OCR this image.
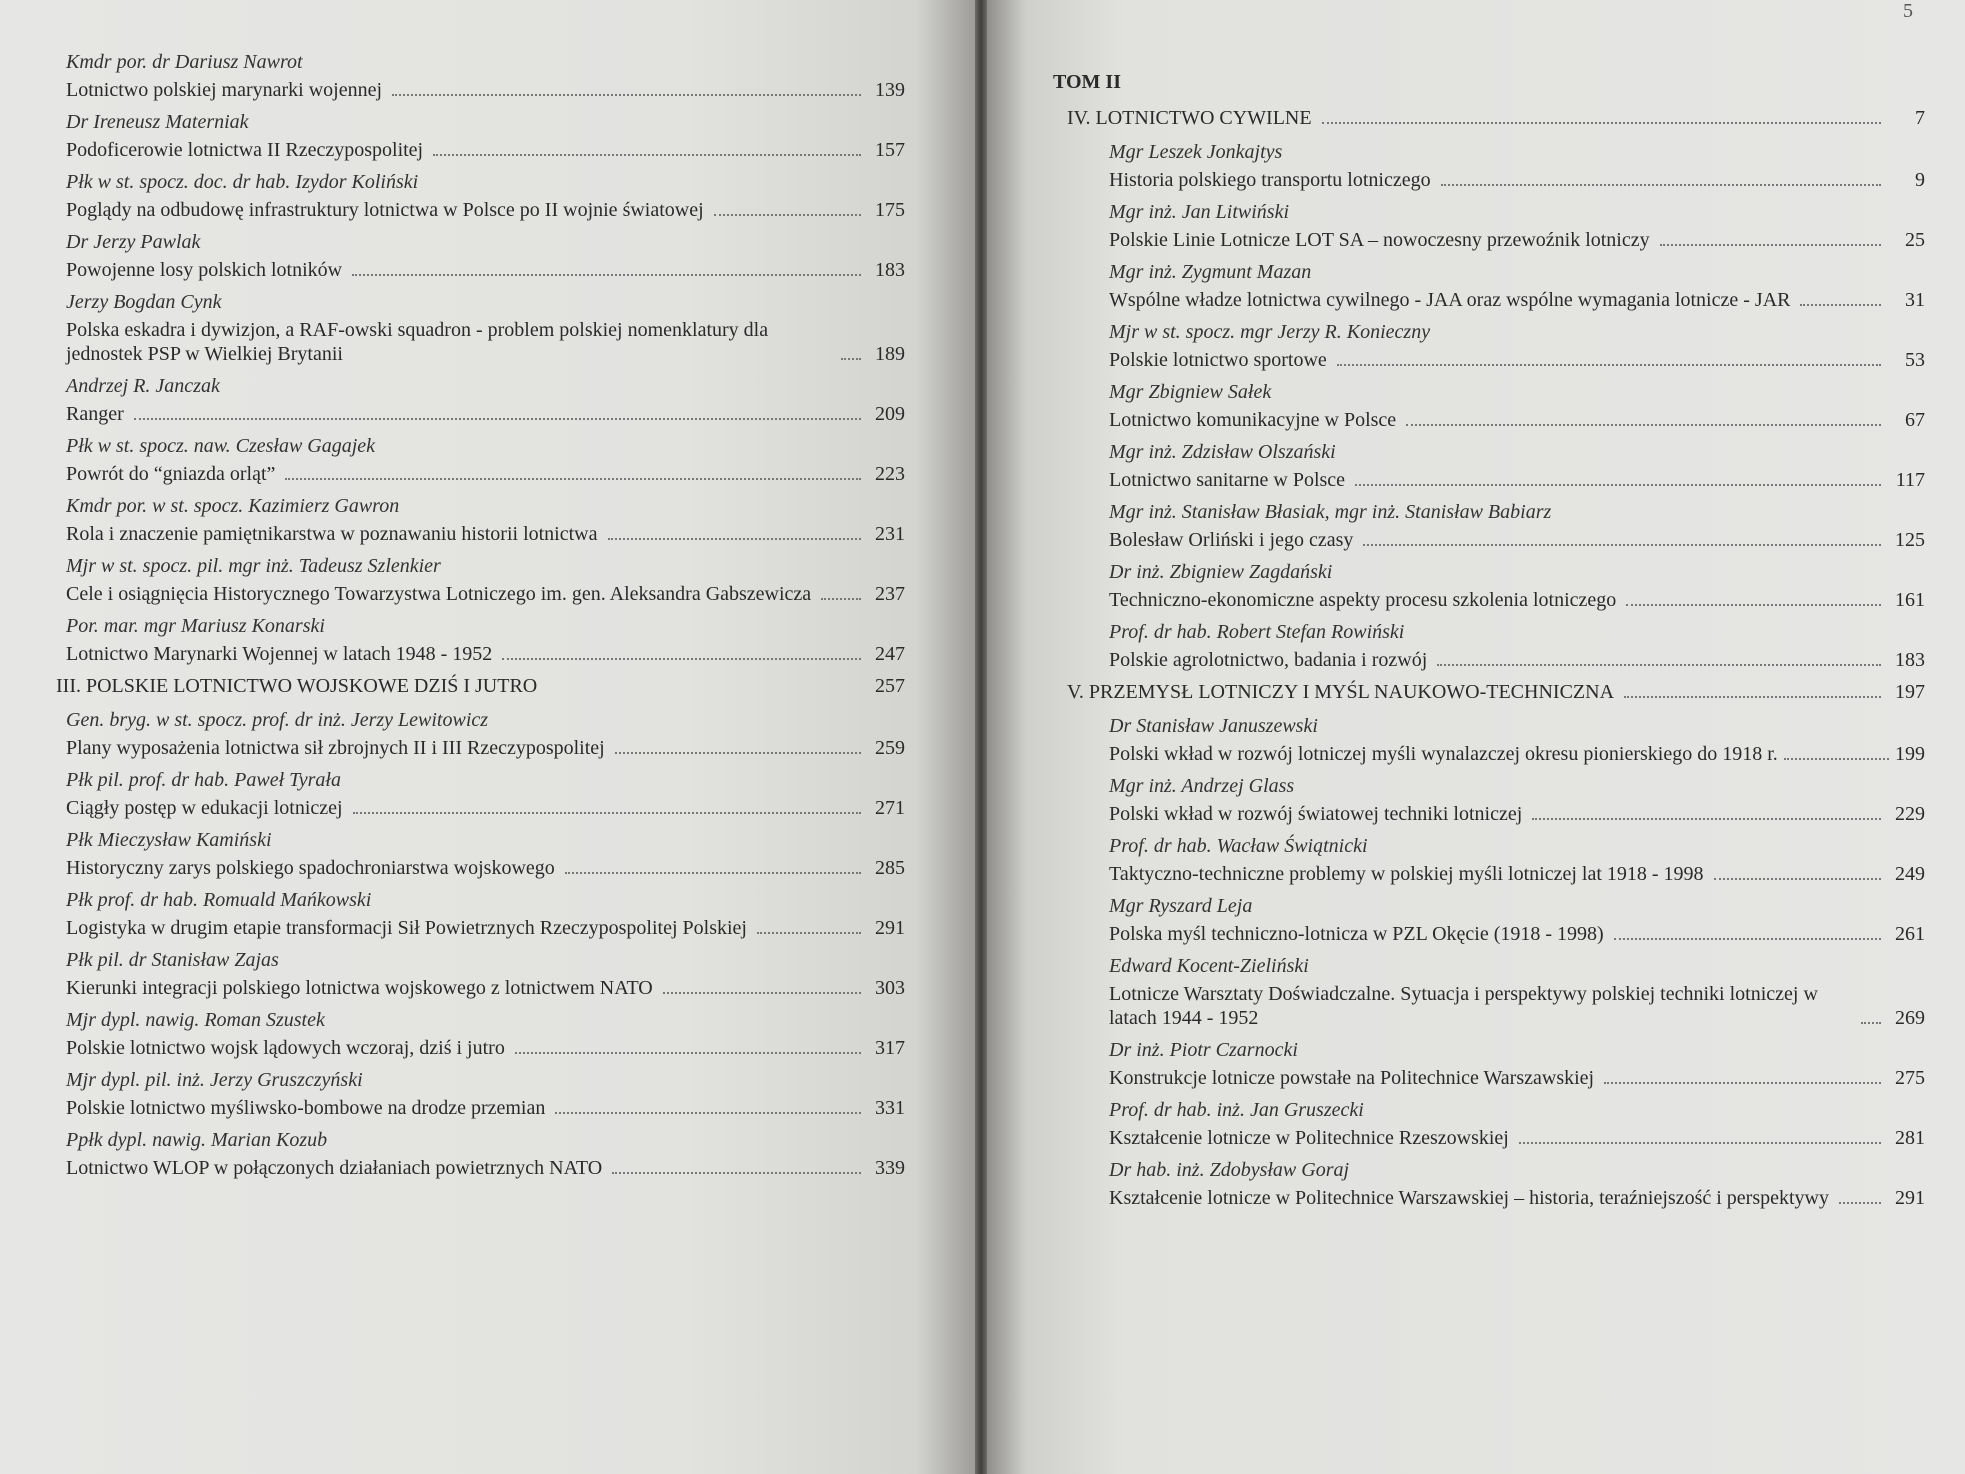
Kmdr por. dr Dariusz Nawrot
Lotnictwo polskiej marynarki wojennej	139
Dr Ireneusz Materniak
Podoficerowie lotnictwa II Rzeczypospolitej	157
Płk w st. spocz. doc. dr hab. Izydor Koliński
Poglądy na odbudowę infrastruktury lotnictwa w Polsce po II wojnie światowej	175
Dr Jerzy Pawlak
Powojenne losy polskich lotników	183
Jerzy Bogdan Cynk
Polska eskadra i dywizjon, a RAF-owski squadron - problem polskiej nomenklatury dla jednostek PSP w Wielkiej Brytanii	189
Andrzej R. Janczak
Ranger	209
Płk w st. spocz. naw. Czesław Gagajek
Powrót do “gniazda orląt”	223
Kmdr por. w st. spocz. Kazimierz Gawron
Rola i znaczenie pamiętnikarstwa w poznawaniu historii lotnictwa	231
Mjr w st. spocz. pil. mgr inż. Tadeusz Szlenkier
Cele i osiągnięcia Historycznego Towarzystwa Lotniczego im. gen. Aleksandra Gabszewicza	237
Por. mar. mgr Mariusz Konarski
Lotnictwo Marynarki Wojennej w latach 1948 - 1952	247
III. POLSKIE LOTNICTWO WOJSKOWE DZIŚ I JUTRO	257
Gen. bryg. w st. spocz. prof. dr inż. Jerzy Lewitowicz
Plany wyposażenia lotnictwa sił zbrojnych II i III Rzeczypospolitej	259
Płk pil. prof. dr hab. Paweł Tyrała
Ciągły postęp w edukacji lotniczej	271
Płk Mieczysław Kamiński
Historyczny zarys polskiego spadochroniarstwa wojskowego	285
Płk prof. dr hab. Romuald Mańkowski
Logistyka w drugim etapie transformacji Sił Powietrznych Rzeczypospolitej Polskiej	291
Płk pil. dr Stanisław Zajas
Kierunki integracji polskiego lotnictwa wojskowego z lotnictwem NATO	303
Mjr dypl. nawig. Roman Szustek
Polskie lotnictwo wojsk lądowych wczoraj, dziś i jutro	317
Mjr dypl. pil. inż. Jerzy Gruszczyński
Polskie lotnictwo myśliwsko-bombowe na drodze przemian	331
Ppłk dypl. nawig. Marian Kozub
Lotnictwo WLOP w połączonych działaniach powietrznych NATO	339
5
TOM II
IV. LOTNICTWO CYWILNE	7
Mgr Leszek Jonkajtys
Historia polskiego transportu lotniczego	9
Mgr inż. Jan Litwiński
Polskie Linie Lotnicze LOT SA – nowoczesny przewoźnik lotniczy	25
Mgr inż. Zygmunt Mazan
Wspólne władze lotnictwa cywilnego - JAA oraz wspólne wymagania lotnicze - JAR	31
Mjr w st. spocz. mgr Jerzy R. Konieczny
Polskie lotnictwo sportowe	53
Mgr Zbigniew Sałek
Lotnictwo komunikacyjne w Polsce	67
Mgr inż. Zdzisław Olszański
Lotnictwo sanitarne w Polsce	117
Mgr inż. Stanisław Błasiak, mgr inż. Stanisław Babiarz
Bolesław Orliński i jego czasy	125
Dr inż. Zbigniew Zagdański
Techniczno-ekonomiczne aspekty procesu szkolenia lotniczego	161
Prof. dr hab. Robert Stefan Rowiński
Polskie agrolotnictwo, badania i rozwój	183
V. PRZEMYSŁ LOTNICZY I MYŚL NAUKOWO-TECHNICZNA	197
Dr Stanisław Januszewski
Polski wkład w rozwój lotniczej myśli wynalazczej okresu pionierskiego do 1918 r.	199
Mgr inż. Andrzej Glass
Polski wkład w rozwój światowej techniki lotniczej	229
Prof. dr hab. Wacław Świątnicki
Taktyczno-techniczne problemy w polskiej myśli lotniczej lat 1918 - 1998	249
Mgr Ryszard Leja
Polska myśl techniczno-lotnicza w PZL Okęcie (1918 - 1998)	261
Edward Kocent-Zieliński
Lotnicze Warsztaty Doświadczalne. Sytuacja i perspektywy polskiej techniki lotniczej w latach 1944 - 1952	269
Dr inż. Piotr Czarnocki
Konstrukcje lotnicze powstałe na Politechnice Warszawskiej	275
Prof. dr hab. inż. Jan Gruszecki
Kształcenie lotnicze w Politechnice Rzeszowskiej	281
Dr hab. inż. Zdobysław Goraj
Kształcenie lotnicze w Politechnice Warszawskiej – historia, teraźniejszość i perspektywy	291
